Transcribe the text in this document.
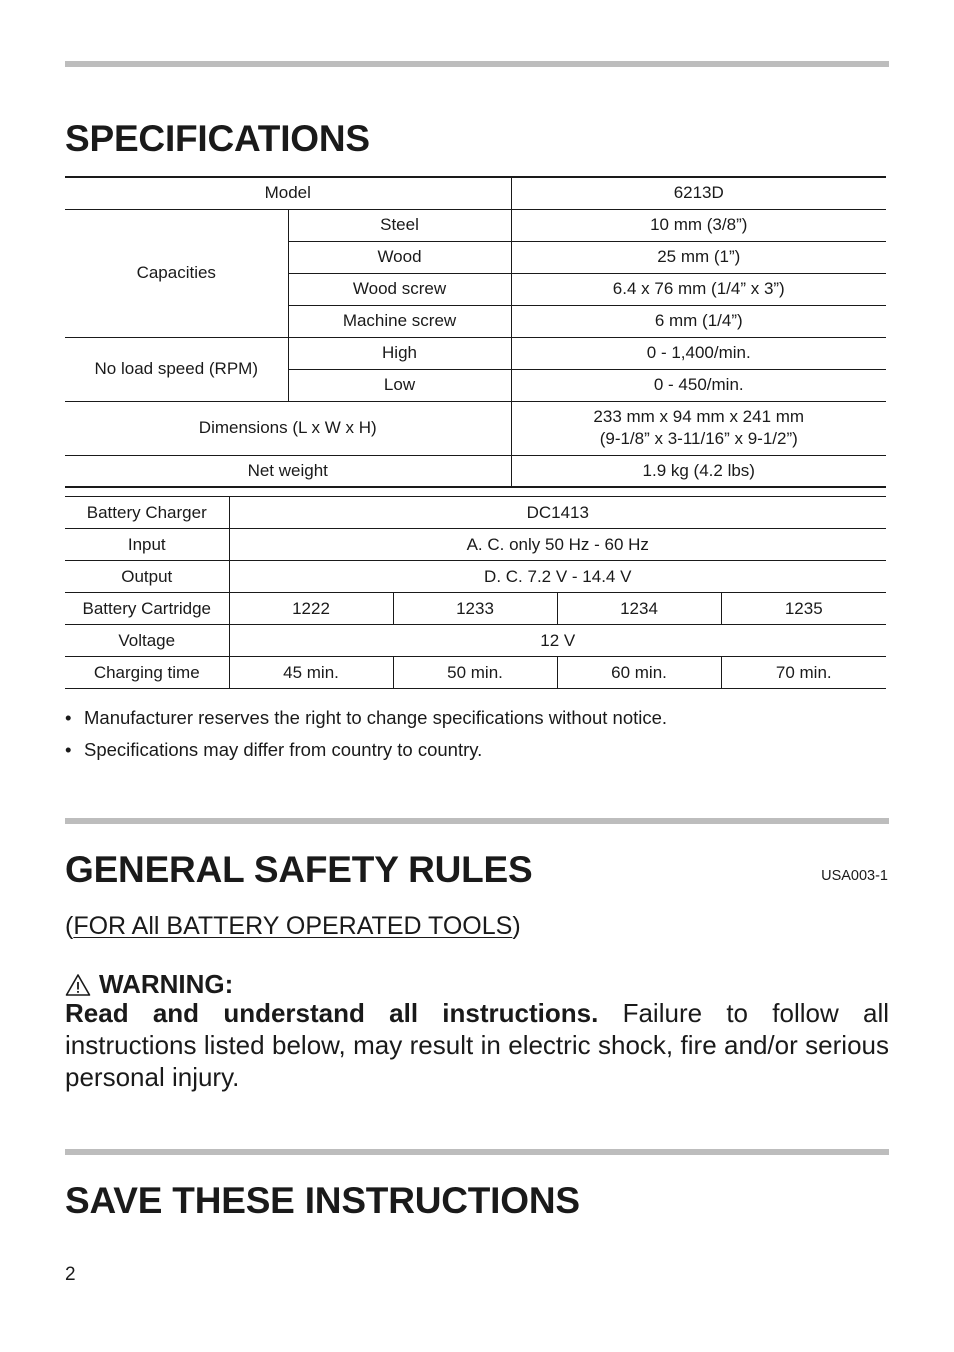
SPECIFICATIONS
Model		6213D
Capacities	Steel	10 mm (3/8”)
	Wood	25 mm (1”)
	Wood screw	6.4 x 76 mm (1/4” x 3”)
	Machine screw	6 mm (1/4”)
No load speed (RPM)	High	0 - 1,400/min.
	Low	0 - 450/min.
Dimensions (L x W x H)		233 mm x 94 mm x 241 mm
(9-1/8” x 3-11/16” x 9-1/2”)
Net weight		1.9 kg (4.2 lbs)
Battery Charger	DC1413			
Input	A. C. only 50 Hz - 60 Hz			
Output	D. C. 7.2 V - 14.4 V			
Battery Cartridge	1222	1233	1234	1235
Voltage	12 V			
Charging time	45 min.	50 min.	60 min.	70 min.
• Manufacturer reserves the right to change specifications without notice.
• Specifications may differ from country to country.
GENERAL SAFETY RULES	USA003-1
(FOR All BATTERY OPERATED TOOLS)
WARNING:

Read and understand all instructions. Failure to follow all instructions listed below, may result in electric shock, fire and/or serious personal injury.

SAVE THESE INSTRUCTIONS
2
